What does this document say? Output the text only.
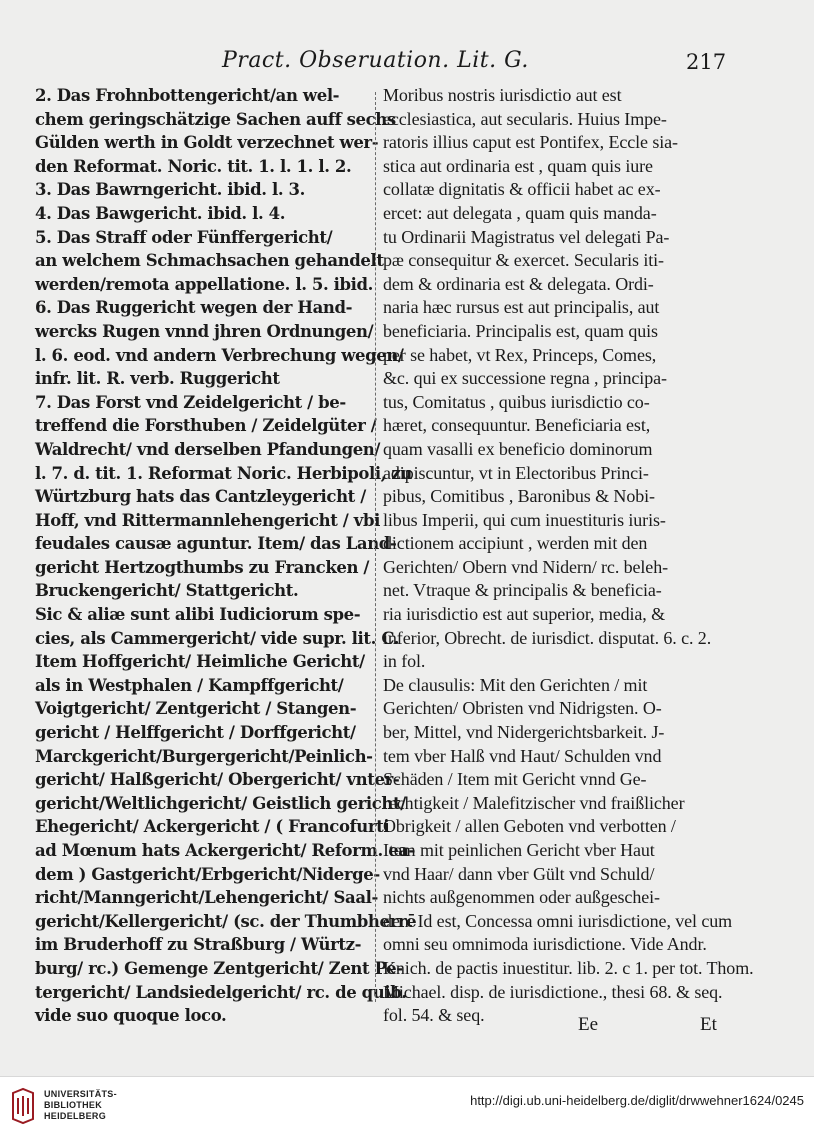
Pract. Obseruation. Lit. G.	217
2. Das Frohnbottengericht/an wel-
chem geringschätzige Sachen auff sechs
Gülden werth in Goldt verzechnet wer-
den Reformat. Noric. tit. 1. l. 1. l. 2.
3. Das Bawrngericht. ibid. l. 3.
4. Das Bawgericht. ibid. l. 4.
5. Das Straff oder Fünffergericht/
an welchem Schmachsachen gehandelt
werden/remota appellatione. l. 5. ibid.
6. Das Ruggericht wegen der Hand-
wercks Rugen vnnd jhren Ordnungen/
l. 6. eod. vnd andern Verbrechung wegen/
infr. lit. R. verb. Ruggericht
7. Das Forst vnd Zeidelgericht / be-
treffend die Forsthuben / Zeidelgüter /
Waldrecht/ vnd derselben Pfandungen/
l. 7. d. tit. 1. Reformat Noric. Herbipoli, zu
Würtzburg hats das Cantzleygericht /
Hoff, vnd Rittermannlehengericht / vbi
feudales causæ aguntur. Item/ das Land-
gericht Hertzogthumbs zu Francken /
Bruckengericht/ Stattgericht.
Sic & aliæ sunt alibi Iudiciorum spe-
cies, als Cammergericht/ vide supr. lit. C.
Item Hoffgericht/ Heimliche Gericht/
als in Westphalen / Kampffgericht/
Voigtgericht/ Zentgericht / Stangen-
gericht / Helffgericht / Dorffgericht/
Marckgericht/Burgergericht/Peinlich-
gericht/ Halßgericht/ Obergericht/ vnter-
gericht/Weltlichgericht/ Geistlich gericht/
Ehegericht/ Ackergericht / ( Francofurti
ad Mœnum hats Ackergericht/ Reform. ea-
dem ) Gastgericht/Erbgericht/Niderge-
richt/Manngericht/Lehengericht/ Saal-
gericht/Kellergericht/ (sc. der Thumbherrē
im Bruderhoff zu Straßburg / Würtz-
burg/ rc.) Gemenge Zentgericht/ Zent Pe-
tergericht/ Landsiedelgericht/ rc. de quib.
vide suo quoque loco.
Moribus nostris iurisdictio aut est
ecclesiastica, aut secularis. Huius Impe-
ratoris illius caput est Pontifex, Eccle sia-
stica aut ordinaria est , quam quis iure
collatæ dignitatis & officii habet ac ex-
ercet: aut delegata , quam quis manda-
tu Ordinarii Magistratus vel delegati Pa-
pæ consequitur & exercet. Secularis iti-
dem & ordinaria est & delegata. Ordi-
naria hæc rursus est aut principalis, aut
beneficiaria. Principalis est, quam quis
per se habet, vt Rex, Princeps, Comes,
&c. qui ex successione regna , principa-
tus, Comitatus , quibus iurisdictio co-
hæret, consequuntur. Beneficiaria est,
quam vasalli ex beneficio dominorum
adipiscuntur, vt in Electoribus Princi-
pibus, Comitibus , Baronibus & Nobi-
libus Imperii, qui cum inuestituris iuris-
dictionem accipiunt , werden mit den
Gerichten/ Obern vnd Nidern/ rc. beleh-
net. Vtraque & principalis & beneficia-
ria iurisdictio est aut superior, media, &
inferior, Obrecht. de iurisdict. disputat. 6. c. 2.
in fol.
De clausulis: Mit den Gerichten / mit
Gerichten/ Obristen vnd Nidrigsten. O-
ber, Mittel, vnd Nidergerichtsbarkeit. J-
tem vber Halß vnd Haut/ Schulden vnd
Schäden / Item mit Gericht vnnd Ge-
rechtigkeit / Malefitzischer vnd fraißlicher
Obrigkeit / allen Geboten vnd verbotten /
Item mit peinlichen Gericht vber Haut
vnd Haar/ dann vber Gült vnd Schuld/
nichts außgenommen oder außgeschei-
den. Id est, Concessa omni iurisdictione, vel cum
omni seu omnimoda iurisdictione. Vide Andr.
Knich. de pactis inuestitur. lib. 2. c 1. per tot. Thom.
Michael. disp. de iurisdictione., thesi 68. & seq.
fol. 54. & seq.	Ee	Et
UNIVERSITÄTS-
BIBLIOTHEK
HEIDELBERG
http://digi.ub.uni-heidelberg.de/diglit/drwwehner1624/0245
